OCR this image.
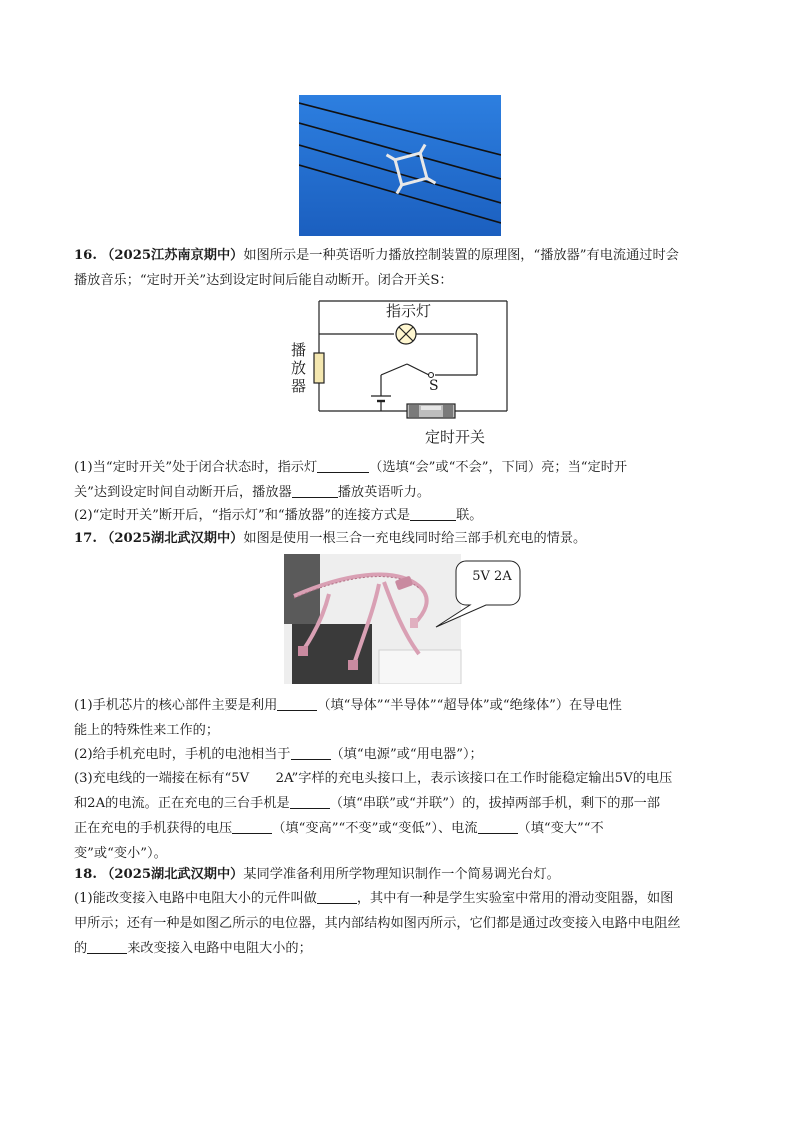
16. （2025江苏南京期中）如图所示是一种英语听力播放控制装置的原理图，“播放器”有电流通过时会
播放音乐；“定时开关”达到设定时间后能自动断开。闭合开关S：
指示灯
播
放
器	S
定时开关
(1)当“定时开关”处于闭合状态时，指示灯	（选填“会”或“不会”，下同）亮；当“定时开
关”达到设定时间自动断开后，播放器	播放英语听力。
(2)“定时开关”断开后，“指示灯”和“播放器”的连接方式是	联。
17. （2025湖北武汉期中）如图是使用一根三合一充电线同时给三部手机充电的情景。
5V 2A
(1)手机芯片的核心部件主要是利用	（填“导体”“半导体”“超导体”或“绝缘体”）在导电性
能上的特殊性来工作的；
(2)给手机充电时，手机的电池相当于	（填“电源”或“用电器”）；
(3)充电线的一端接在标有“5V　　2A”字样的充电头接口上，表示该接口在工作时能稳定输出5V的电压
和2A的电流。正在充电的三台手机是	（填“串联”或“并联”）的，拔掉两部手机，剩下的那一部
正在充电的手机获得的电压	（填“变高”“不变”或“变低”）、电流	（填“变大”“不
变”或“变小”）。
18. （2025湖北武汉期中）某同学准备利用所学物理知识制作一个简易调光台灯。
(1)能改变接入电路中电阻大小的元件叫做	，其中有一种是学生实验室中常用的滑动变阻器，如图
甲所示；还有一种是如图乙所示的电位器，其内部结构如图丙所示，它们都是通过改变接入电路中电阻丝
的	来改变接入电路中电阻大小的；
